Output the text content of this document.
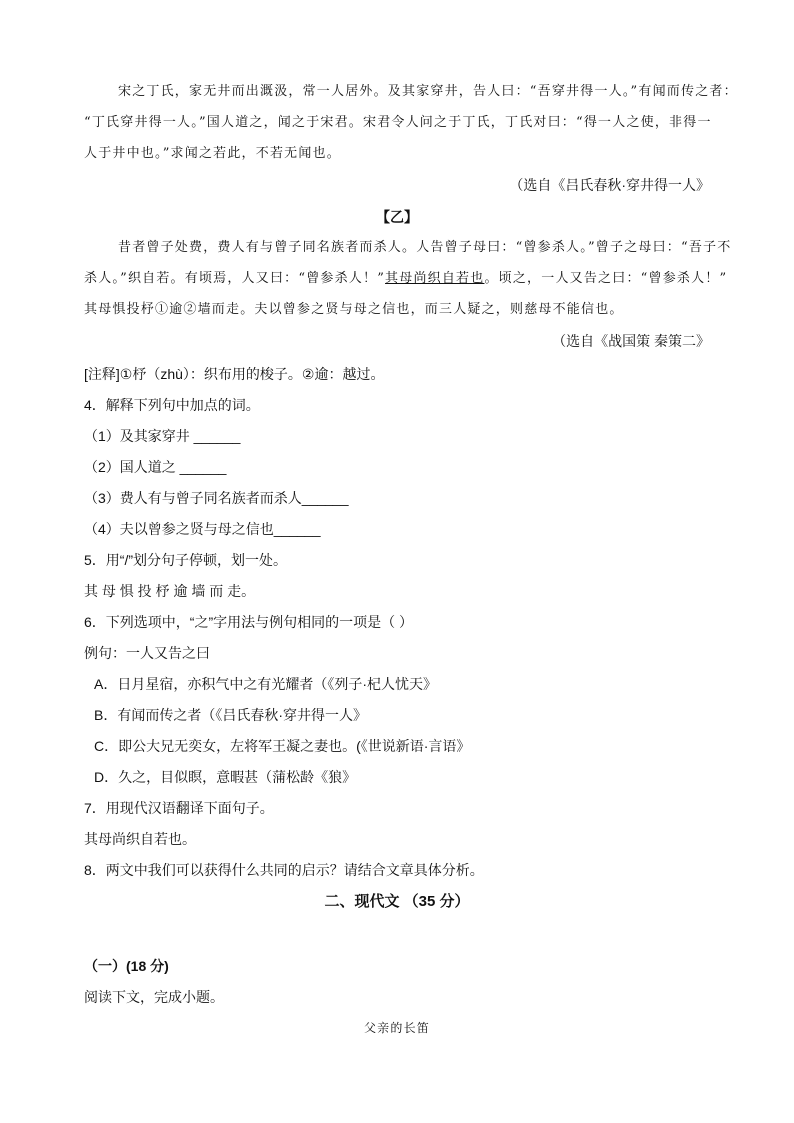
宋之丁氏，家无井而出溉汲，常一人居外。及其家穿井，告人曰：“吾穿井得一人。”有闻而传之者：
“丁氏穿井得一人。”国人道之，闻之于宋君。宋君令人问之于丁氏，丁氏对曰：“得一人之使，非得一
人于井中也。”求闻之若此，不若无闻也。
（选自《吕氏春秋·穿井得一人》
【乙】
昔者曾子处费，费人有与曾子同名族者而杀人。人告曾子母曰：“曾参杀人。”曾子之母曰：“吾子不
杀人。”织自若。有顷焉，人又曰：“曾参杀人！”其母尚织自若也。顷之，一人又告之曰：“曾参杀人！”
其母惧投杼①逾②墙而走。夫以曾参之贤与母之信也，而三人疑之，则慈母不能信也。
（选自《战国策 秦策二》
[注释]①杼（zhù）：织布用的梭子。②逾：越过。
4．解释下列句中加点的词。
（1）及其家穿井 ______
（2）国人道之 ______
（3）费人有与曾子同名族者而杀人______
（4）夫以曾参之贤与母之信也______
5．用“/”划分句子停顿，划一处。
其 母 惧 投 杼 逾 墙 而 走。
6．下列选项中，“之”字用法与例句相同的一项是（ ）
例句：一人又告之曰
A．日月星宿，亦积气中之有光耀者（《列子·杞人忧天》
B．有闻而传之者（《吕氏春秋·穿井得一人》
C．即公大兄无奕女，左将军王凝之妻也。(《世说新语·言语》
D．久之，目似瞑，意暇甚（蒲松龄《狼》
7．用现代汉语翻译下面句子。
其母尚织自若也。
8．两文中我们可以获得什么共同的启示？请结合文章具体分析。
二、现代文 （35 分）
（一）(18 分)
阅读下文，完成小题。
父亲的长笛
